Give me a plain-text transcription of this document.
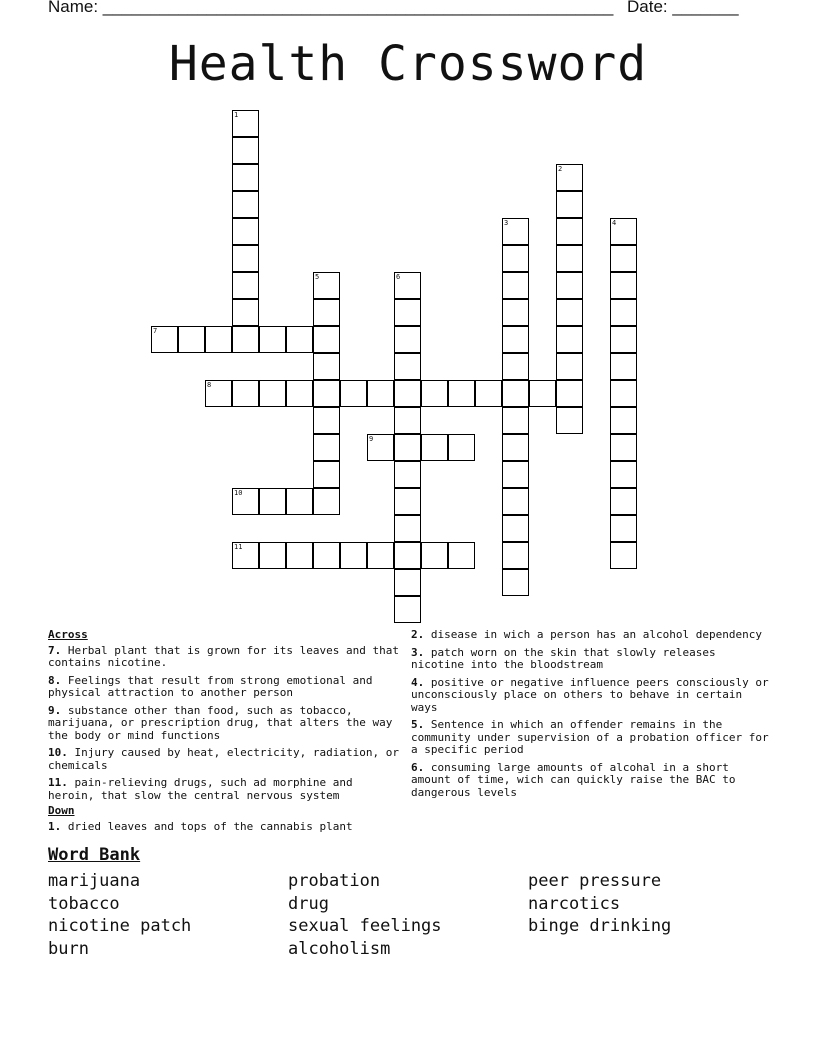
Name: ______________________________________________________ Date: _______
Health Crossword
1
2
3	4
5	6
7
8
9
10
11
Across
7. Herbal plant that is grown for its leaves and that contains nicotine.
8. Feelings that result from strong emotional and physical attraction to another person
9. substance other than food, such as tobacco, marijuana, or prescription drug, that alters the way the body or mind functions
10. Injury caused by heat, electricity, radiation, or chemicals
11. pain-relieving drugs, such ad morphine and heroin, that slow the central nervous system
Down
1. dried leaves and tops of the cannabis plant
2. disease in wich a person has an alcohol dependency
3. patch worn on the skin that slowly releases nicotine into the bloodstream
4. positive or negative influence peers consciously or unconsciously place on others to behave in certain ways
5. Sentence in which an offender remains in the community under supervision of a probation officer for a specific period
6. consuming large amounts of alcohal in a short amount of time, wich can quickly raise the BAC to dangerous levels
Word Bank
marijuana
tobacco
nicotine patch
burn
probation
drug
sexual feelings
alcoholism
peer pressure
narcotics
binge drinking
